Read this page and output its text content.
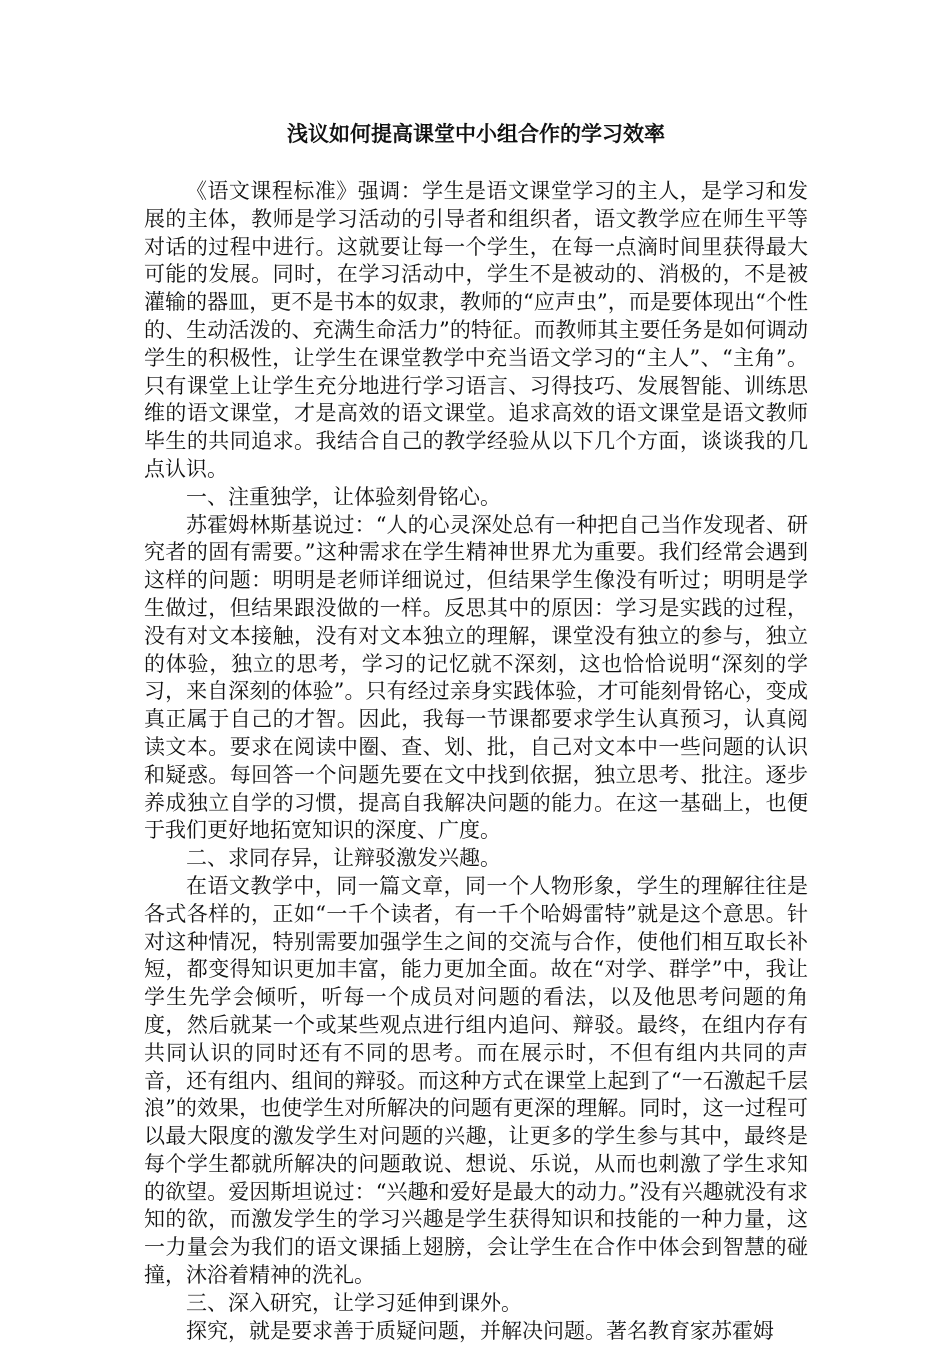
浅议如何提高课堂中小组合作的学习效率

《语文课程标准》强调：学生是语文课堂学习的主人，是学习和发展的主体，教师是学习活动的引导者和组织者，语文教学应在师生平等对话的过程中进行。这就要让每一个学生，在每一点滴时间里获得最大可能的发展。同时，在学习活动中，学生不是被动的、消极的，不是被灌输的器皿，更不是书本的奴隶，教师的“应声虫”，而是要体现出“个性的、生动活泼的、充满生命活力”的特征。而教师其主要任务是如何调动学生的积极性，让学生在课堂教学中充当语文学习的“主人”、“主角”。只有课堂上让学生充分地进行学习语言、习得技巧、发展智能、训练思维的语文课堂，才是高效的语文课堂。追求高效的语文课堂是语文教师毕生的共同追求。我结合自己的教学经验从以下几个方面，谈谈我的几点认识。

一、注重独学，让体验刻骨铭心。

苏霍姆林斯基说过：“人的心灵深处总有一种把自己当作发现者、研究者的固有需要。”这种需求在学生精神世界尤为重要。我们经常会遇到这样的问题：明明是老师详细说过，但结果学生像没有听过；明明是学生做过，但结果跟没做的一样。反思其中的原因：学习是实践的过程，没有对文本接触，没有对文本独立的理解，课堂没有独立的参与，独立的体验，独立的思考，学习的记忆就不深刻，这也恰恰说明“深刻的学习，来自深刻的体验”。只有经过亲身实践体验，才可能刻骨铭心，变成真正属于自己的才智。因此，我每一节课都要求学生认真预习，认真阅读文本。要求在阅读中圈、查、划、批，自己对文本中一些问题的认识和疑惑。每回答一个问题先要在文中找到依据，独立思考、批注。逐步养成独立自学的习惯，提高自我解决问题的能力。在这一基础上，也便于我们更好地拓宽知识的深度、广度。

二、求同存异，让辩驳激发兴趣。

在语文教学中，同一篇文章，同一个人物形象，学生的理解往往是各式各样的，正如“一千个读者，有一千个哈姆雷特”就是这个意思。针对这种情况，特别需要加强学生之间的交流与合作，使他们相互取长补短，都变得知识更加丰富，能力更加全面。故在“对学、群学”中，我让学生先学会倾听，听每一个成员对问题的看法，以及他思考问题的角度，然后就某一个或某些观点进行组内追问、辩驳。最终，在组内存有共同认识的同时还有不同的思考。而在展示时，不但有组内共同的声音，还有组内、组间的辩驳。而这种方式在课堂上起到了“一石激起千层浪”的效果，也使学生对所解决的问题有更深的理解。同时，这一过程可以最大限度的激发学生对问题的兴趣，让更多的学生参与其中，最终是每个学生都就所解决的问题敢说、想说、乐说，从而也刺激了学生求知的欲望。爱因斯坦说过：“兴趣和爱好是最大的动力。”没有兴趣就没有求知的欲，而激发学生的学习兴趣是学生获得知识和技能的一种力量，这一力量会为我们的语文课插上翅膀，会让学生在合作中体会到智慧的碰撞，沐浴着精神的洗礼。

三、深入研究，让学习延伸到课外。

探究，就是要求善于质疑问题，并解决问题。著名教育家苏霍姆
